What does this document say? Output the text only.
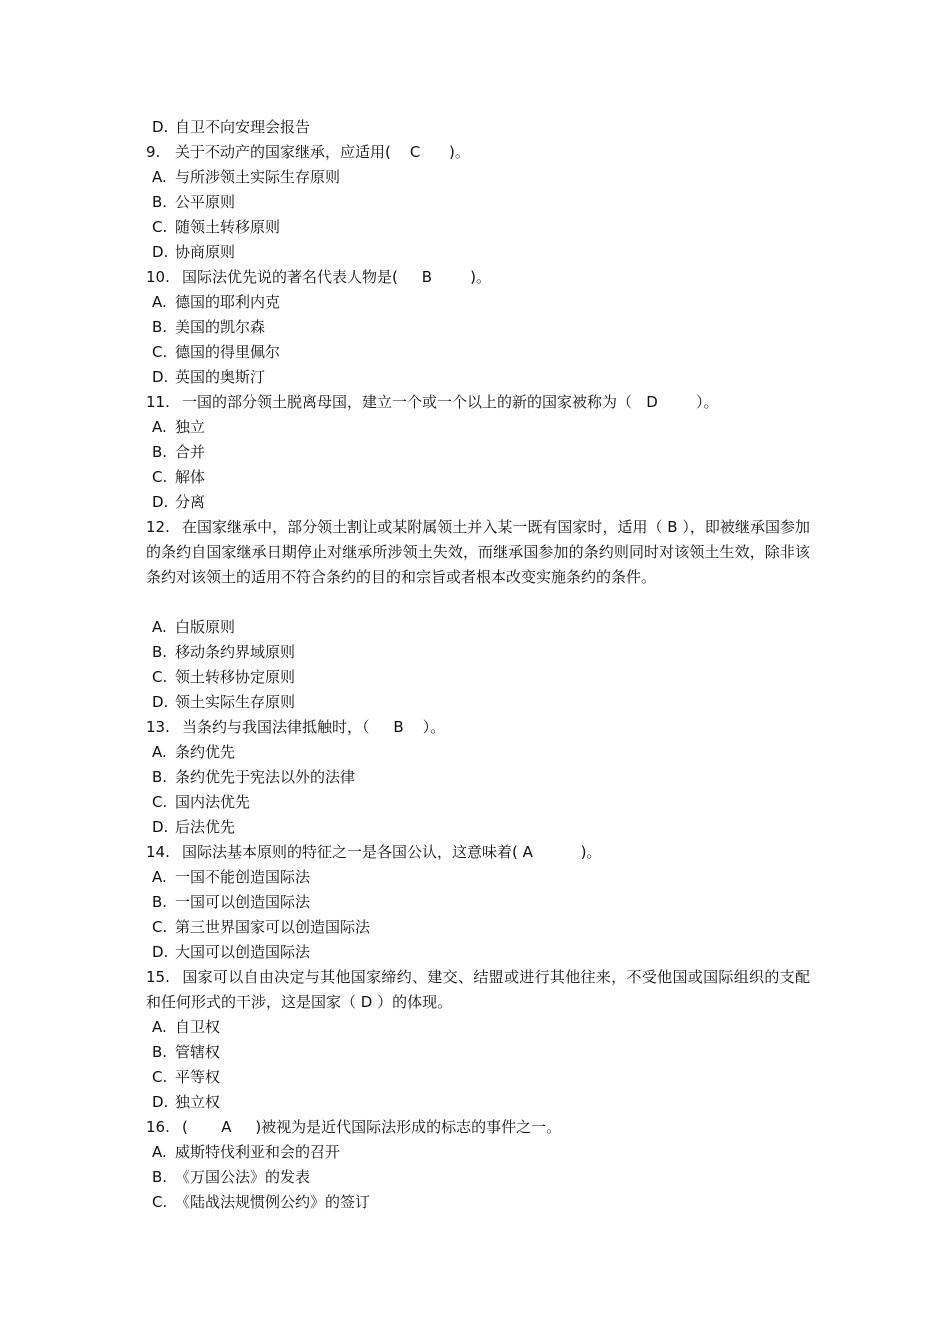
D. 自卫不向安理会报告
9. 关于不动产的国家继承，应适用(    C      )。
A. 与所涉领土实际生存原则
B. 公平原则
C. 随领土转移原则
D. 协商原则
10. 国际法优先说的著名代表人物是(     B        )。
A. 德国的耶利内克
B. 美国的凯尔森
C. 德国的得里佩尔
D. 英国的奥斯汀
11. 一国的部分领土脱离母国，建立一个或一个以上的新的国家被称为（   D        ）。
A. 独立
B. 合并
C. 解体
D. 分离
12. 在国家继承中，部分领土割让或某附属领土并入某一既有国家时，适用（ B ），即被继承国参加的条约自国家继承日期停止对继承所涉领土失效，而继承国参加的条约则同时对该领土生效，除非该条约对该领土的适用不符合条约的目的和宗旨或者根本改变实施条约的条件。
A. 白版原则
B. 移动条约界域原则
C. 领土转移协定原则
D. 领土实际生存原则
13. 当条约与我国法律抵触时，（     B    ）。
A. 条约优先
B. 条约优先于宪法以外的法律
C. 国内法优先
D. 后法优先
14. 国际法基本原则的特征之一是各国公认，这意味着( A          )。
A. 一国不能创造国际法
B. 一国可以创造国际法
C. 第三世界国家可以创造国际法
D. 大国可以创造国际法
15. 国家可以自由决定与其他国家缔约、建交、结盟或进行其他往来，不受他国或国际组织的支配和任何形式的干涉，这是国家（ D ）的体现。
A. 自卫权
B. 管辖权
C. 平等权
D. 独立权
16. (       A     )被视为是近代国际法形成的标志的事件之一。
A. 威斯特伐利亚和会的召开
B. 《万国公法》的发表
C. 《陆战法规惯例公约》的签订
